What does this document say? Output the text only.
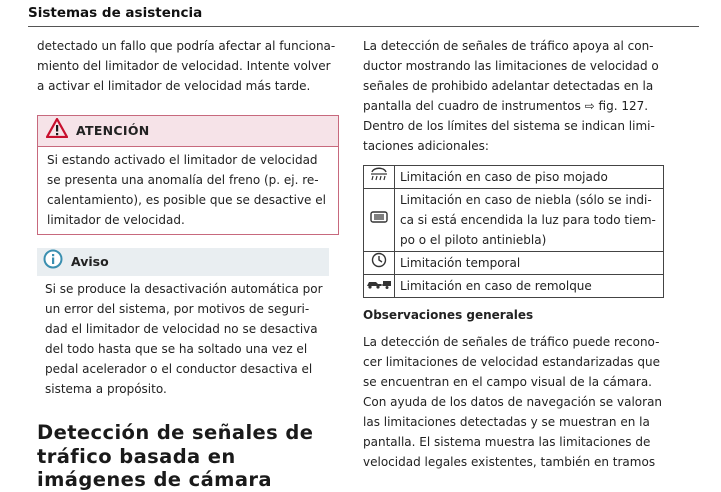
Sistemas de asistencia
detectado un fallo que podría afectar al funciona-
miento del limitador de velocidad. Intente volver
a activar el limitador de velocidad más tarde.
ATENCIÓN
Si estando activado el limitador de velocidad
se presenta una anomalía del freno (p. ej. re-
calentamiento), es posible que se desactive el
limitador de velocidad.
Aviso
Si se produce la desactivación automática por
un error del sistema, por motivos de seguri-
dad el limitador de velocidad no se desactiva
del todo hasta que se ha soltado una vez el
pedal acelerador o el conductor desactiva el
sistema a propósito.
Detección de señales de
tráfico basada en
imágenes de cámara
La detección de señales de tráfico apoya al con-
ductor mostrando las limitaciones de velocidad o
señales de prohibido adelantar detectadas en la
pantalla del cuadro de instrumentos ⇨ fig. 127.
Dentro de los límites del sistema se indican limi-
taciones adicionales:

Limitación en caso de piso mojado

Limitación en caso de niebla (sólo se indi-
ca si está encendida la luz para todo tiem-
po o el piloto antiniebla)

Limitación temporal

Limitación en caso de remolque
Observaciones generales
La detección de señales de tráfico puede recono-
cer limitaciones de velocidad estandarizadas que
se encuentran en el campo visual de la cámara.
Con ayuda de los datos de navegación se valoran
las limitaciones detectadas y se muestran en la
pantalla. El sistema muestra las limitaciones de
velocidad legales existentes, también en tramos
